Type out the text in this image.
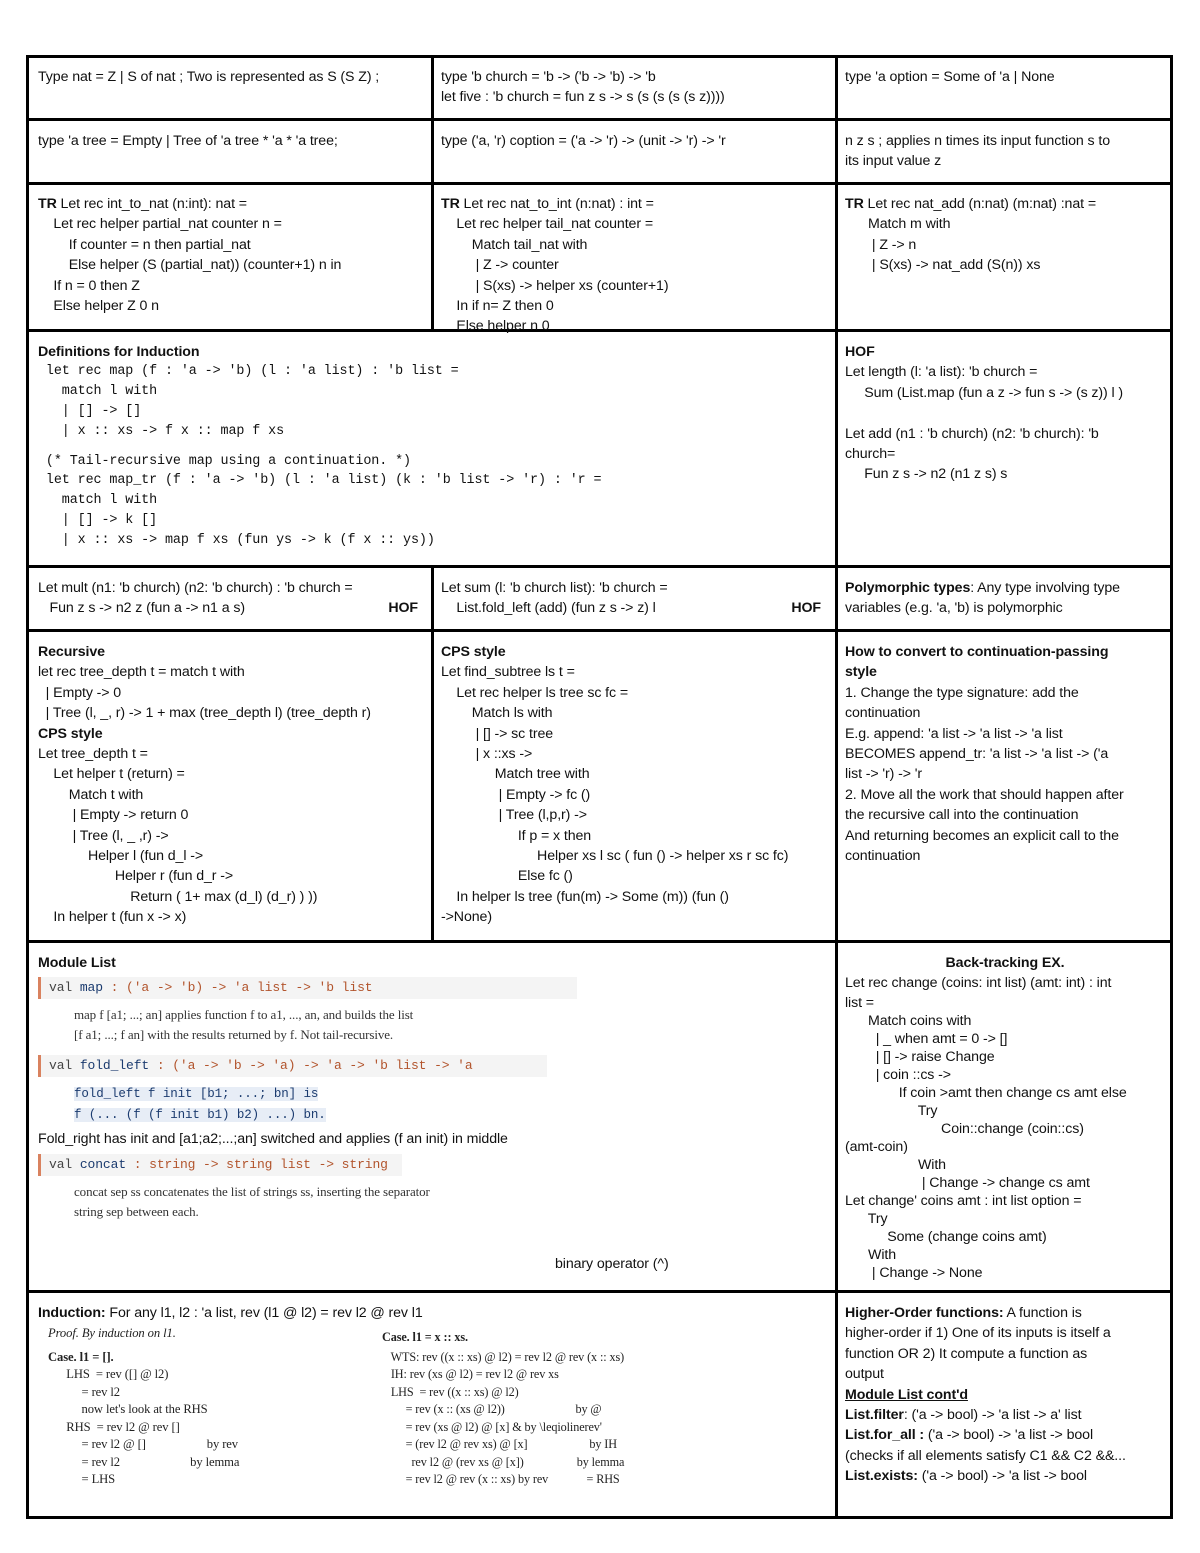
Type nat = Z | S of nat ; Two is represented as S (S Z) ;	type 'b church = 'b -> ('b -> 'b) -> 'b
let five : 'b church = fun z s -> s (s (s (s (s z))))
type 'a option = Some of 'a | None
type 'a tree = Empty | Tree of 'a tree * 'a * 'a tree;	type ('a, 'r) coption = ('a -> 'r) -> (unit -> 'r) -> 'r	n z s ; applies n times its input function s to
its input value z
TR Let rec int_to_nat (n:int): nat =
Let rec helper partial_nat counter n =
If counter = n then partial_nat
Else helper (S (partial_nat)) (counter+1) n in
If n = 0 then Z
Else helper Z 0 n
TR Let rec nat_to_int (n:nat) : int =
Let rec helper tail_nat counter =
Match tail_nat with
| Z -> counter
| S(xs) -> helper xs (counter+1)
In if n= Z then 0
Else helper n 0
TR Let rec nat_add (n:nat) (m:nat) :nat =
Match m with
| Z -> n
| S(xs) -> nat_add (S(n)) xs
Definitions for Induction
let rec map (f : 'a -> 'b) (l : 'a list) : 'b list =
match l with
| [] -> []
| x :: xs -> f x :: map f xs
(* Tail-recursive map using a continuation. *)
let rec map_tr (f : 'a -> 'b) (l : 'a list) (k : 'b list -> 'r) : 'r =
match l with
| [] -> k []
| x :: xs -> map f xs (fun ys -> k (f x :: ys))
HOF
Let length (l: 'a list): 'b church =
Sum (List.map (fun a z -> fun s -> (s z)) l )
Let add (n1 : 'b church) (n2: 'b church): 'b
church=
Fun z s -> n2 (n1 z s) s
Let mult (n1: 'b church) (n2: 'b church) : 'b church =
Fun z s -> n2 z (fun a -> n1 a s)	HOF
Let sum (l: 'b church list): 'b church =
List.fold_left (add) (fun z s -> z) l	HOF
Polymorphic types: Any type involving type
variables (e.g. 'a, 'b) is polymorphic
Recursive
let rec tree_depth t = match t with
| Empty -> 0
| Tree (l, _, r) -> 1 + max (tree_depth l) (tree_depth r)
CPS style
Let tree_depth t =
Let helper t (return) =
Match t with
| Empty -> return 0
| Tree (l, _ ,r) ->
Helper l (fun d_l ->
Helper r (fun d_r ->
Return ( 1+ max (d_l) (d_r) ) ))
In helper t (fun x -> x)
CPS style
Let find_subtree ls t =
Let rec helper ls tree sc fc =
Match ls with
| [] -> sc tree
| x ::xs ->
Match tree with
| Empty -> fc ()
| Tree (l,p,r) ->
If p = x then
Helper xs l sc ( fun () -> helper xs r sc fc)
Else fc ()
In helper ls tree (fun(m) -> Some (m)) (fun ()
->None)
How to convert to continuation-passing
style
1. Change the type signature: add the
continuation
E.g. append: 'a list -> 'a list -> 'a list
BECOMES append_tr: 'a list -> 'a list -> ('a
list -> 'r) -> 'r
2. Move all the work that should happen after
the recursive call into the continuation
And returning becomes an explicit call to the
continuation
Module List
val map : ('a -> 'b) -> 'a list -> 'b list
map f [a1; ...; an] applies function f to a1, ..., an, and builds the list
[f a1; ...; f an] with the results returned by f. Not tail-recursive.
val fold_left : ('a -> 'b -> 'a) -> 'a -> 'b list -> 'a
fold_left f init [b1; ...; bn] is
f (... (f (f init b1) b2) ...) bn.
Fold_right has init and [a1;a2;...;an] switched and applies (f an init) in middle
val concat : string -> string list -> string
concat sep ss concatenates the list of strings ss, inserting the separator
string sep between each.
binary operator (^)
Back-tracking EX.
Let rec change (coins: int list) (amt: int) : int
list =
Match coins with
| _ when amt = 0 -> []
| [] -> raise Change
| coin ::cs ->
If coin >amt then change cs amt else
Try
Coin::change (coin::cs)
(amt-coin)
With
| Change -> change cs amt
Let change' coins amt : int list option =
Try
Some (change coins amt)
With
| Change -> None
Induction: For any l1, l2 : 'a list, rev (l1 @ l2) = rev l2 @ rev l1
Proof. By induction on l1.
Case. l1 = [].
LHS  = rev ([] @ l2)
= rev l2
now let's look at the RHS
RHS  = rev l2 @ rev []
= rev l2 @ []                    by rev
= rev l2                       by lemma
= LHS
Case. l1 = x :: xs.
WTS: rev ((x :: xs) @ l2) = rev l2 @ rev (x :: xs)
IH: rev (xs @ l2) = rev l2 @ rev xs
LHS  = rev ((x :: xs) @ l2)
= rev (x :: (xs @ l2))                        by @
= rev (xs @ l2) @ [x] & by \leqiolinerev'
= (rev l2 @ rev xs) @ [x]                     by IH
rev l2 @ (rev xs @ [x])                  by lemma
= rev l2 @ rev (x :: xs) by rev             = RHS
Higher-Order functions: A function is
higher-order if 1) One of its inputs is itself a
function OR 2) It compute a function as
output
Module List cont'd
List.filter: ('a -> bool) -> 'a list -> a' list
List.for_all : ('a -> bool) -> 'a list -> bool
(checks if all elements satisfy C1 && C2 &&...
List.exists: ('a -> bool) -> 'a list -> bool
